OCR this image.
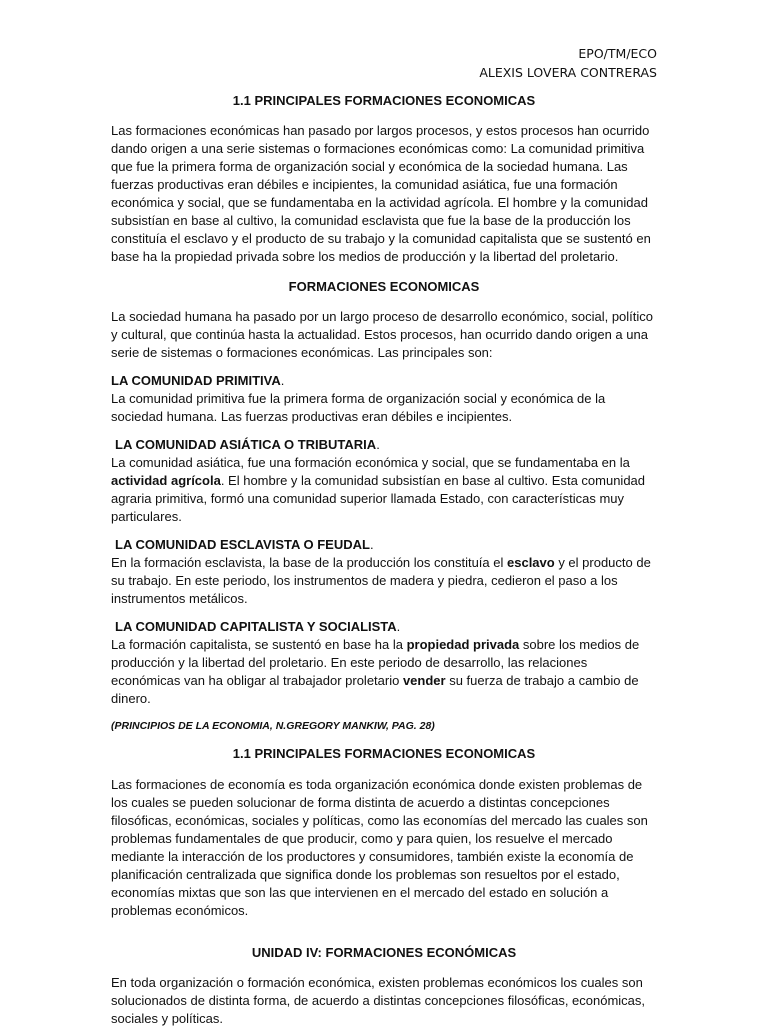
EPO/TM/ECO
ALEXIS LOVERA CONTRERAS
1.1 PRINCIPALES FORMACIONES ECONOMICAS

Las formaciones económicas han pasado por largos procesos, y estos procesos han ocurrido dando origen a una serie sistemas o formaciones económicas como: La comunidad primitiva que fue la primera forma de organización social y económica de la sociedad humana. Las fuerzas productivas eran débiles e incipientes, la comunidad asiática, fue una formación económica y social, que se fundamentaba en la actividad agrícola. El hombre y la comunidad subsistían en base al cultivo, la comunidad esclavista que fue la base de la producción los constituía el esclavo y el producto de su trabajo y la comunidad capitalista que se sustentó en base ha la propiedad privada sobre los medios de producción y la libertad del proletario.

FORMACIONES ECONOMICAS

La sociedad humana ha pasado por un largo proceso de desarrollo económico, social, político y cultural, que continúa hasta la actualidad. Estos procesos, han ocurrido dando origen a una serie de sistemas o formaciones económicas. Las principales son:

LA COMUNIDAD PRIMITIVA.

La comunidad primitiva fue la primera forma de organización social y económica de la sociedad humana. Las fuerzas productivas eran débiles e incipientes.

LA COMUNIDAD ASIÁTICA O TRIBUTARIA.

La comunidad asiática, fue una formación económica y social, que se fundamentaba en la actividad agrícola. El hombre y la comunidad subsistían en base al cultivo. Esta comunidad agraria primitiva, formó una comunidad superior llamada Estado, con características muy particulares.

LA COMUNIDAD ESCLAVISTA O FEUDAL.

En la formación esclavista, la base de la producción los constituía el esclavo y el producto de su trabajo. En este periodo, los instrumentos de madera y piedra, cedieron el paso a los instrumentos metálicos.

LA COMUNIDAD CAPITALISTA Y SOCIALISTA.

La formación capitalista, se sustentó en base ha la propiedad privada sobre los medios de producción y la libertad del proletario. En este periodo de desarrollo, las relaciones económicas van ha obligar al trabajador proletario vender su fuerza de trabajo a cambio de dinero.

(PRINCIPIOS DE LA ECONOMIA, N.GREGORY MANKIW, PAG. 28)

1.1 PRINCIPALES FORMACIONES ECONOMICAS

Las formaciones de economía es toda organización económica donde existen problemas de los cuales se pueden solucionar de forma distinta de acuerdo a distintas concepciones filosóficas, económicas, sociales y políticas, como las economías del mercado las cuales son problemas fundamentales de que producir, como y para quien, los resuelve el mercado mediante la interacción de los productores y consumidores, también existe la economía de planificación centralizada que significa donde los problemas son resueltos por el estado, economías mixtas que son las que intervienen en el mercado del estado en solución a problemas económicos.

UNIDAD IV: FORMACIONES ECONÓMICAS

En toda organización o formación económica, existen problemas económicos los cuales son solucionados de distinta forma, de acuerdo a distintas concepciones filosóficas, económicas, sociales y políticas.
